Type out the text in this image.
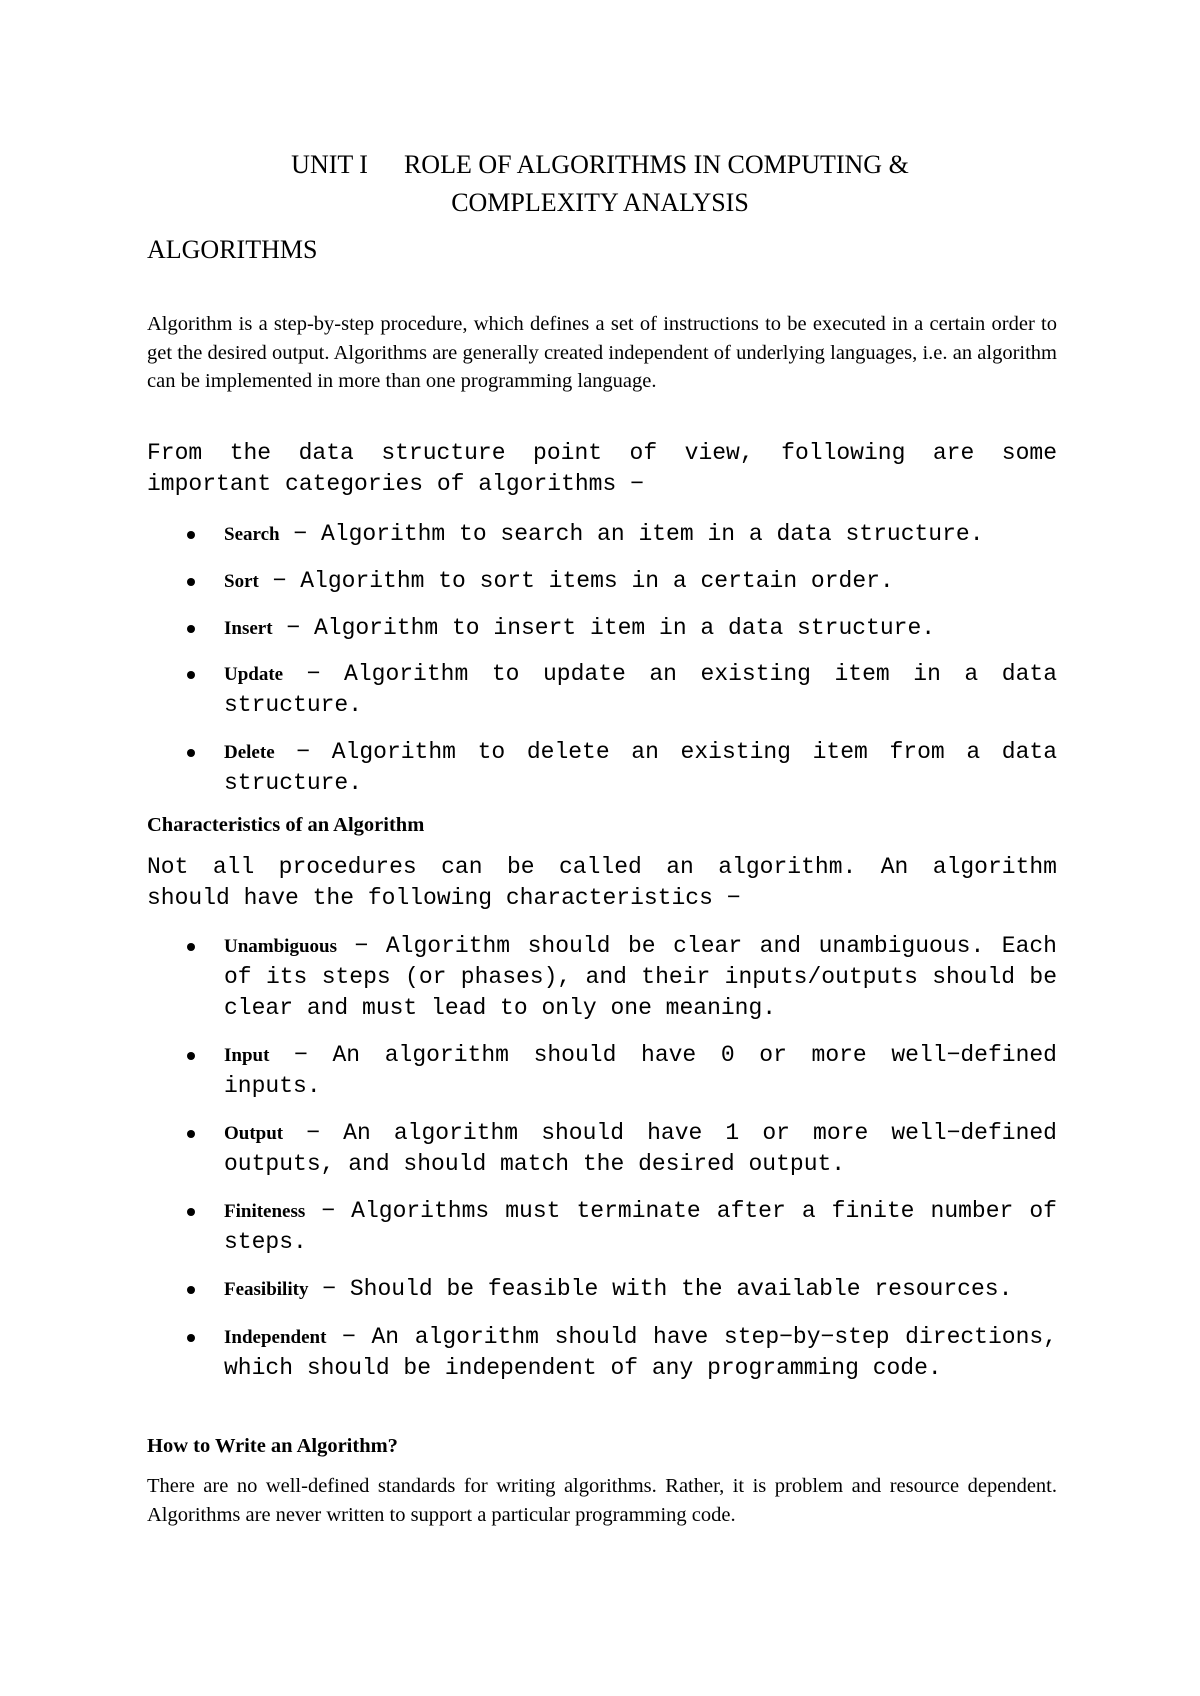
UNIT I ROLE OF ALGORITHMS IN COMPUTING &
COMPLEXITY ANALYSIS
ALGORITHMS

Algorithm is a step-by-step procedure, which defines a set of instructions to be executed in a certain order to get the desired output. Algorithms are generally created independent of underlying languages, i.e. an algorithm can be implemented in more than one programming language.

From the data structure point of view, following are some important categories of algorithms −

Search − Algorithm to search an item in a data structure.
Sort − Algorithm to sort items in a certain order.
Insert − Algorithm to insert item in a data structure.
Update − Algorithm to update an existing item in a data structure.
Delete − Algorithm to delete an existing item from a data structure.
Characteristics of an Algorithm

Not all procedures can be called an algorithm. An algorithm should have the following characteristics −

Unambiguous − Algorithm should be clear and unambiguous. Each of its steps (or phases), and their inputs/outputs should be clear and must lead to only one meaning.
Input − An algorithm should have 0 or more well−defined inputs.
Output − An algorithm should have 1 or more well−defined outputs, and should match the desired output.
Finiteness − Algorithms must terminate after a finite number of steps.
Feasibility − Should be feasible with the available resources.
Independent − An algorithm should have step−by−step directions, which should be independent of any programming code.
How to Write an Algorithm?

There are no well-defined standards for writing algorithms. Rather, it is problem and resource dependent. Algorithms are never written to support a particular programming code.
